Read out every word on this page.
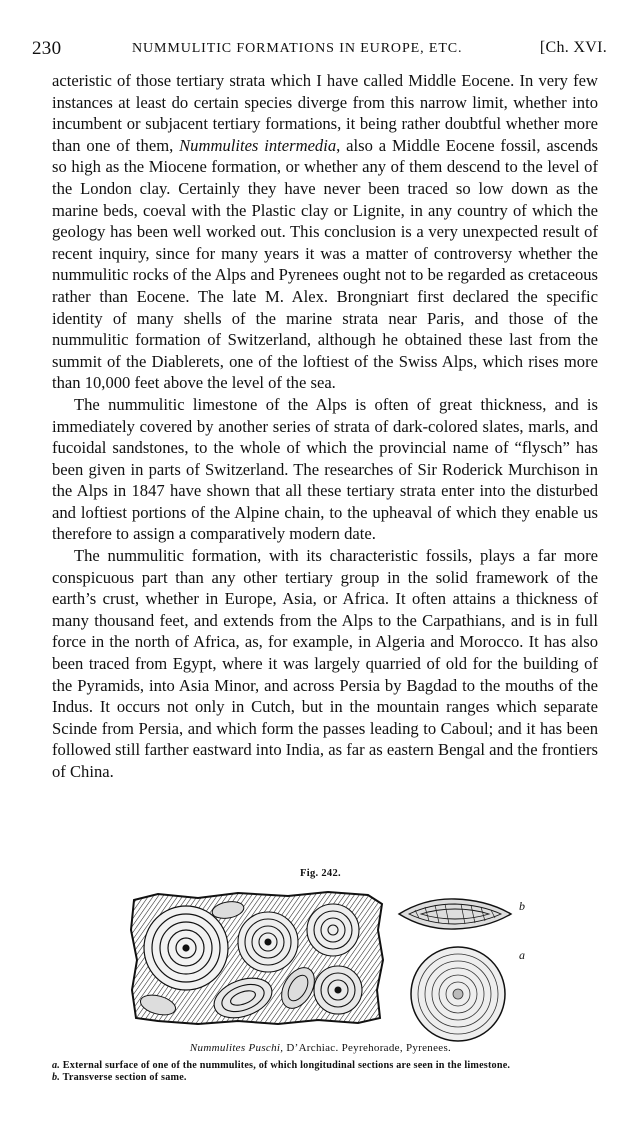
230	NUMMULITIC FORMATIONS IN EUROPE, ETC.	[Ch. XVI.

acteristic of those tertiary strata which I have called Middle Eocene. In very few instances at least do certain species diverge from this narrow limit, whether into incumbent or subjacent tertiary formations, it being rather doubtful whether more than one of them, Nummulites intermedia, also a Middle Eocene fossil, ascends so high as the Miocene formation, or whether any of them descend to the level of the London clay. Certainly they have never been traced so low down as the marine beds, coeval with the Plastic clay or Lignite, in any country of which the geology has been well worked out. This conclusion is a very unexpected result of recent inquiry, since for many years it was a matter of controversy whether the nummulitic rocks of the Alps and Pyrenees ought not to be regarded as cretaceous rather than Eocene. The late M. Alex. Brongniart first declared the specific identity of many shells of the marine strata near Paris, and those of the nummulitic formation of Switzerland, although he obtained these last from the summit of the Diablerets, one of the loftiest of the Swiss Alps, which rises more than 10,000 feet above the level of the sea.

The nummulitic limestone of the Alps is often of great thickness, and is immediately covered by another series of strata of dark-colored slates, marls, and fucoidal sandstones, to the whole of which the provincial name of “flysch” has been given in parts of Switzerland. The researches of Sir Roderick Murchison in the Alps in 1847 have shown that all these tertiary strata enter into the disturbed and loftiest portions of the Alpine chain, to the upheaval of which they enable us therefore to assign a comparatively modern date.

The nummulitic formation, with its characteristic fossils, plays a far more conspicuous part than any other tertiary group in the solid framework of the earth’s crust, whether in Europe, Asia, or Africa. It often attains a thickness of many thousand feet, and extends from the Alps to the Carpathians, and is in full force in the north of Africa, as, for example, in Algeria and Morocco. It has also been traced from Egypt, where it was largely quarried of old for the building of the Pyramids, into Asia Minor, and across Persia by Bagdad to the mouths of the Indus. It occurs not only in Cutch, but in the mountain ranges which separate Scinde from Persia, and which form the passes leading to Caboul; and it has been followed still farther eastward into India, as far as eastern Bengal and the frontiers of China.

Fig. 242.
b
a
Nummulites Puschi, D’Archiac. Peyrehorade, Pyrenees.

a. External surface of one of the nummulites, of which longitudinal sections are seen in the limestone.

b. Transverse section of same.
